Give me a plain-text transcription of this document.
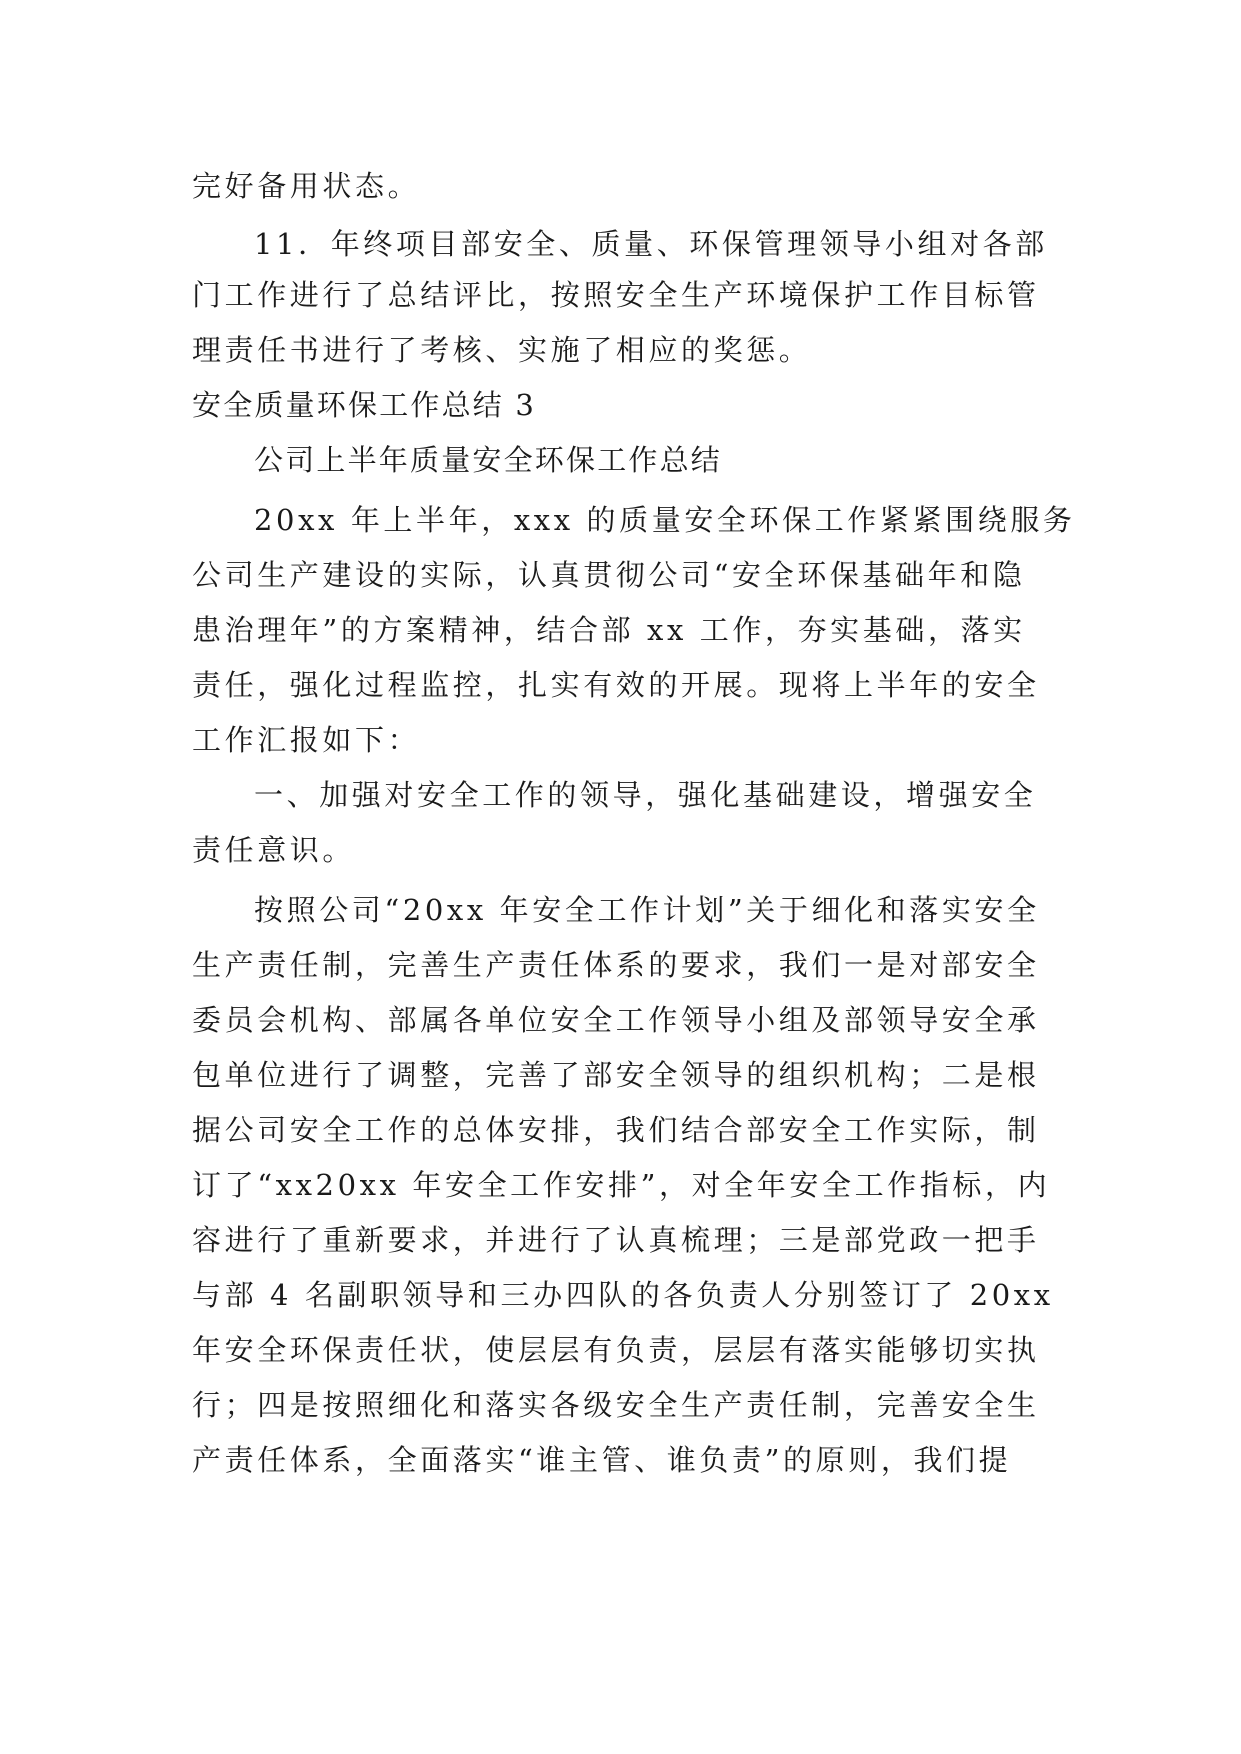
完好备用状态。
11．年终项目部安全、质量、环保管理领导小组对各部
门工作进行了总结评比，按照安全生产环境保护工作目标管
理责任书进行了考核、实施了相应的奖惩。
安全质量环保工作总结 3
公司上半年质量安全环保工作总结
20xx 年上半年，xxx 的质量安全环保工作紧紧围绕服务
公司生产建设的实际，认真贯彻公司“安全环保基础年和隐
患治理年”的方案精神，结合部 xx 工作，夯实基础，落实
责任，强化过程监控，扎实有效的开展。现将上半年的安全
工作汇报如下：
一、加强对安全工作的领导，强化基础建设，增强安全
责任意识。
按照公司“20xx 年安全工作计划”关于细化和落实安全
生产责任制，完善生产责任体系的要求，我们一是对部安全
委员会机构、部属各单位安全工作领导小组及部领导安全承
包单位进行了调整，完善了部安全领导的组织机构；二是根
据公司安全工作的总体安排，我们结合部安全工作实际，制
订了“xx20xx 年安全工作安排”，对全年安全工作指标，内
容进行了重新要求，并进行了认真梳理；三是部党政一把手
与部 4 名副职领导和三办四队的各负责人分别签订了 20xx
年安全环保责任状，使层层有负责，层层有落实能够切实执
行；四是按照细化和落实各级安全生产责任制，完善安全生
产责任体系，全面落实“谁主管、谁负责”的原则，我们提
